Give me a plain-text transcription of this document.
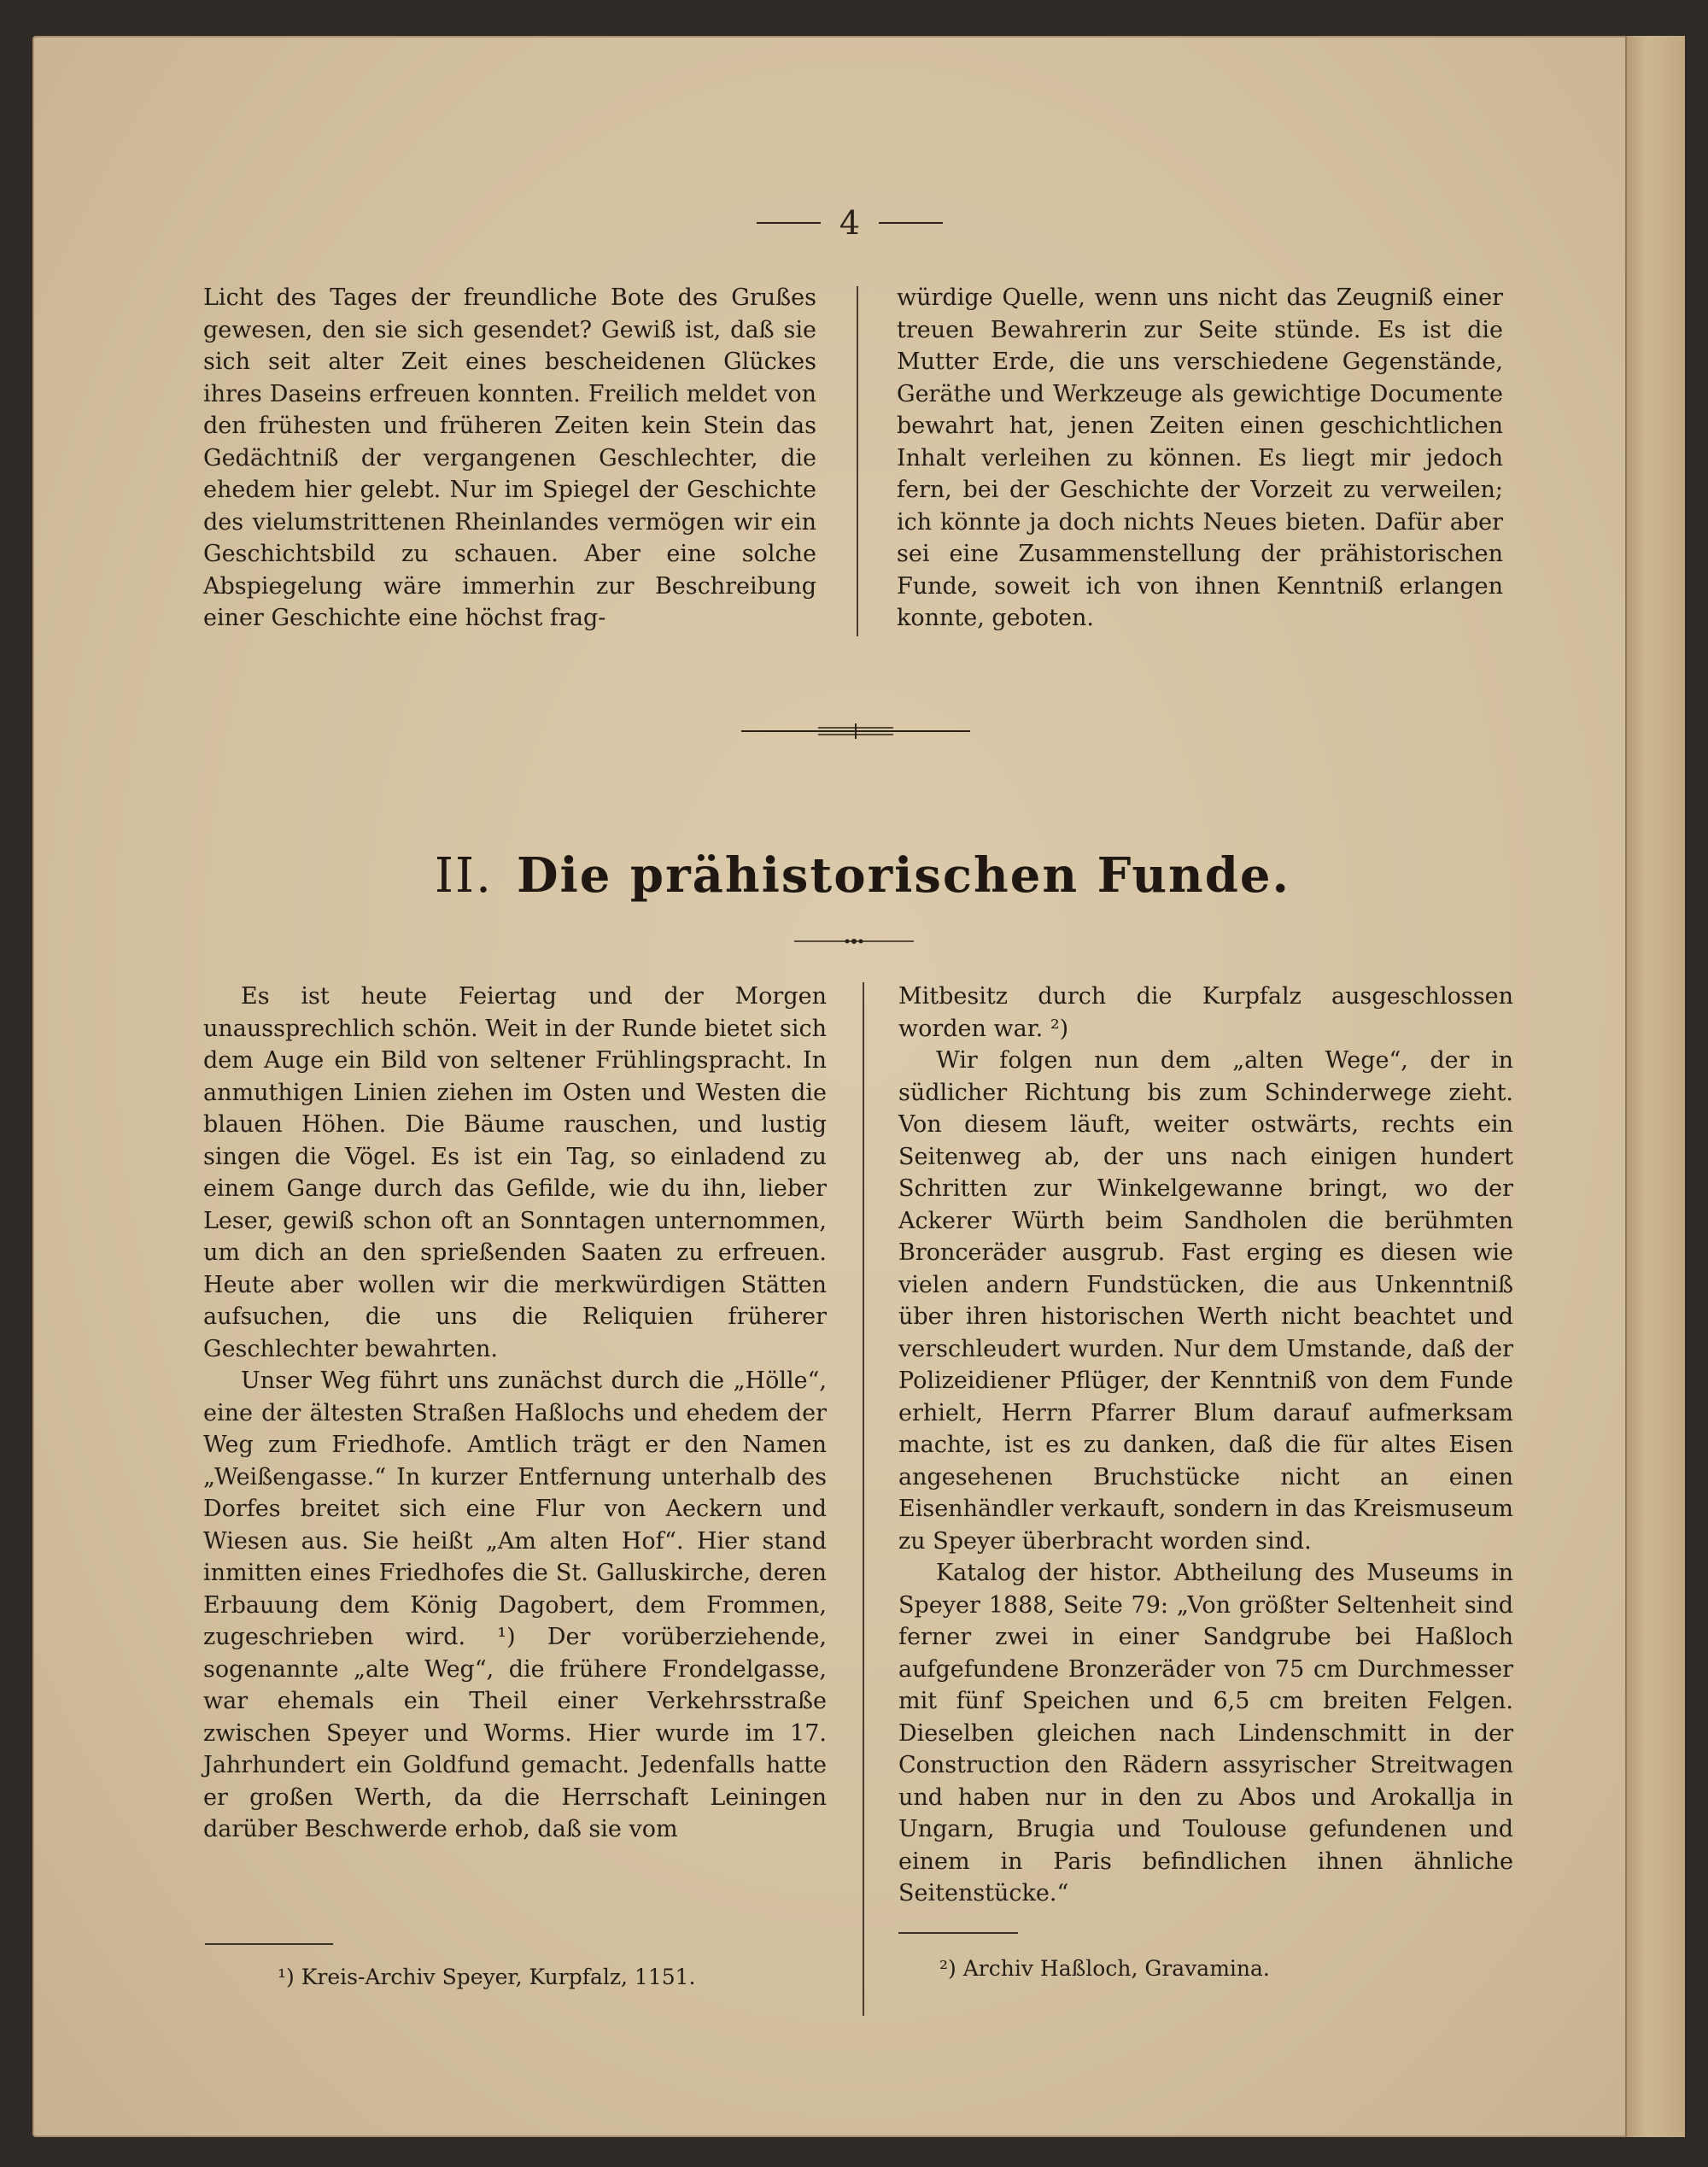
4

Licht des Tages der freundliche Bote des Grußes gewesen, den sie sich gesendet? Gewiß ist, daß sie sich seit alter Zeit eines bescheidenen Glückes ihres Daseins erfreuen konnten. Freilich meldet von den frühesten und früheren Zeiten kein Stein das Gedächtniß der vergangenen Geschlechter, die ehedem hier gelebt. Nur im Spiegel der Geschichte des vielumstrittenen Rheinlandes vermögen wir ein Geschichtsbild zu schauen. Aber eine solche Abspiegelung wäre immerhin zur Beschreibung einer Geschichte eine höchst frag-

würdige Quelle, wenn uns nicht das Zeugniß einer treuen Bewahrerin zur Seite stünde. Es ist die Mutter Erde, die uns verschiedene Gegenstände, Geräthe und Werkzeuge als gewichtige Documente bewahrt hat, jenen Zeiten einen geschichtlichen Inhalt verleihen zu können. Es liegt mir jedoch fern, bei der Geschichte der Vorzeit zu verweilen; ich könnte ja doch nichts Neues bieten. Dafür aber sei eine Zusammenstellung der prähistorischen Funde, soweit ich von ihnen Kenntniß erlangen konnte, geboten.

II. Die prähistorischen Funde.

Es ist heute Feiertag und der Morgen unaussprechlich schön. Weit in der Runde bietet sich dem Auge ein Bild von seltener Frühlingspracht. In anmuthigen Linien ziehen im Osten und Westen die blauen Höhen. Die Bäume rauschen, und lustig singen die Vögel. Es ist ein Tag, so einladend zu einem Gange durch das Gefilde, wie du ihn, lieber Leser, gewiß schon oft an Sonntagen unternommen, um dich an den sprießenden Saaten zu erfreuen. Heute aber wollen wir die merkwürdigen Stätten aufsuchen, die uns die Reliquien früherer Geschlechter bewahrten.

Unser Weg führt uns zunächst durch die „Hölle“, eine der ältesten Straßen Haßlochs und ehedem der Weg zum Friedhofe. Amtlich trägt er den Namen „Weißengasse.“ In kurzer Entfernung unterhalb des Dorfes breitet sich eine Flur von Aeckern und Wiesen aus. Sie heißt „Am alten Hof“. Hier stand inmitten eines Friedhofes die St. Galluskirche, deren Erbauung dem König Dagobert, dem Frommen, zugeschrieben wird. ¹) Der vorüberziehende, sogenannte „alte Weg“, die frühere Frondelgasse, war ehemals ein Theil einer Verkehrsstraße zwischen Speyer und Worms. Hier wurde im 17. Jahrhundert ein Goldfund gemacht. Jedenfalls hatte er großen Werth, da die Herrschaft Leiningen darüber Beschwerde erhob, daß sie vom

Mitbesitz durch die Kurpfalz ausgeschlossen worden war. ²)

Wir folgen nun dem „alten Wege“, der in südlicher Richtung bis zum Schinderwege zieht. Von diesem läuft, weiter ostwärts, rechts ein Seitenweg ab, der uns nach einigen hundert Schritten zur Winkelgewanne bringt, wo der Ackerer Würth beim Sandholen die berühmten Bronceräder ausgrub. Fast erging es diesen wie vielen andern Fundstücken, die aus Unkenntniß über ihren historischen Werth nicht beachtet und verschleudert wurden. Nur dem Umstande, daß der Polizeidiener Pflüger, der Kenntniß von dem Funde erhielt, Herrn Pfarrer Blum darauf aufmerksam machte, ist es zu danken, daß die für altes Eisen angesehenen Bruchstücke nicht an einen Eisenhändler verkauft, sondern in das Kreismuseum zu Speyer überbracht worden sind.

Katalog der histor. Abtheilung des Museums in Speyer 1888, Seite 79: „Von größter Seltenheit sind ferner zwei in einer Sandgrube bei Haßloch aufgefundene Bronzeräder von 75 cm Durchmesser mit fünf Speichen und 6,5 cm breiten Felgen. Dieselben gleichen nach Lindenschmitt in der Construction den Rädern assyrischer Streitwagen und haben nur in den zu Abos und Arokallja in Ungarn, Brugia und Toulouse gefundenen und einem in Paris befindlichen ihnen ähnliche Seitenstücke.“

¹) Kreis-Archiv Speyer, Kurpfalz, 1151.	²) Archiv Haßloch, Gravamina.
